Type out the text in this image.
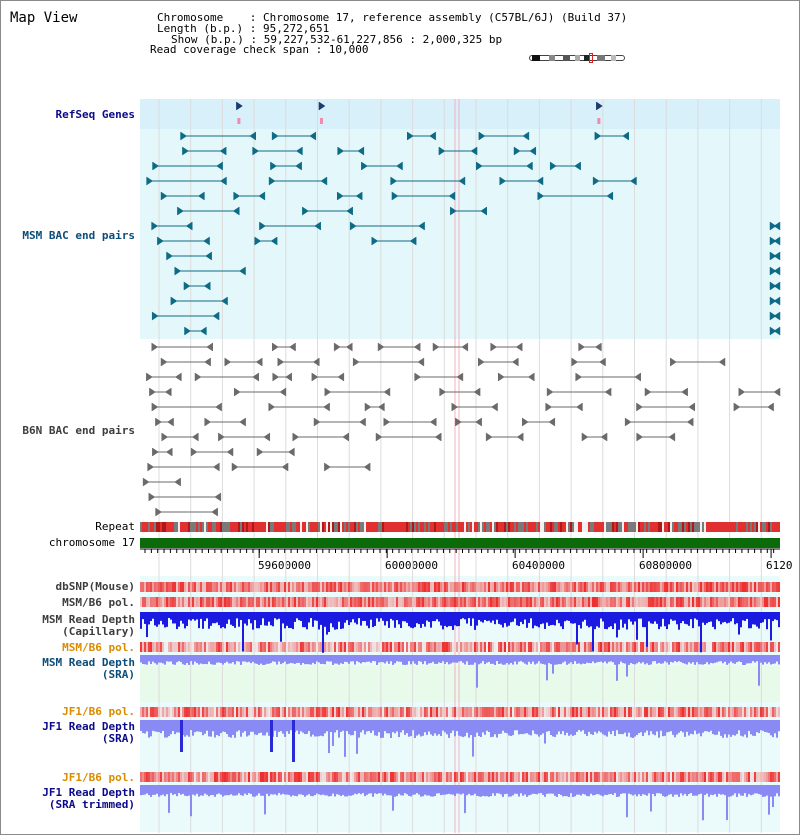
Map View	Chromosome    : Chromosome 17, reference assembly (C57BL/6J) (Build 37)
Length (b.p.) : 95,272,651
Show (b.p.) : 59,227,532-61,227,856 : 2,000,325 bp
Read coverage check span : 10,000
RefSeq Genes
MSM BAC end pairs
B6N BAC end pairs
Repeat
chromosome 17
dbSNP(Mouse)
MSM/B6 pol.
MSM Read Depth
(Capillary)
MSM/B6 pol.
MSM Read Depth
(SRA)
JF1/B6 pol.
JF1 Read Depth
(SRA)
JF1/B6 pol.
JF1 Read Depth
(SRA trimmed)
59600000	60000000	60400000	60800000	6120
